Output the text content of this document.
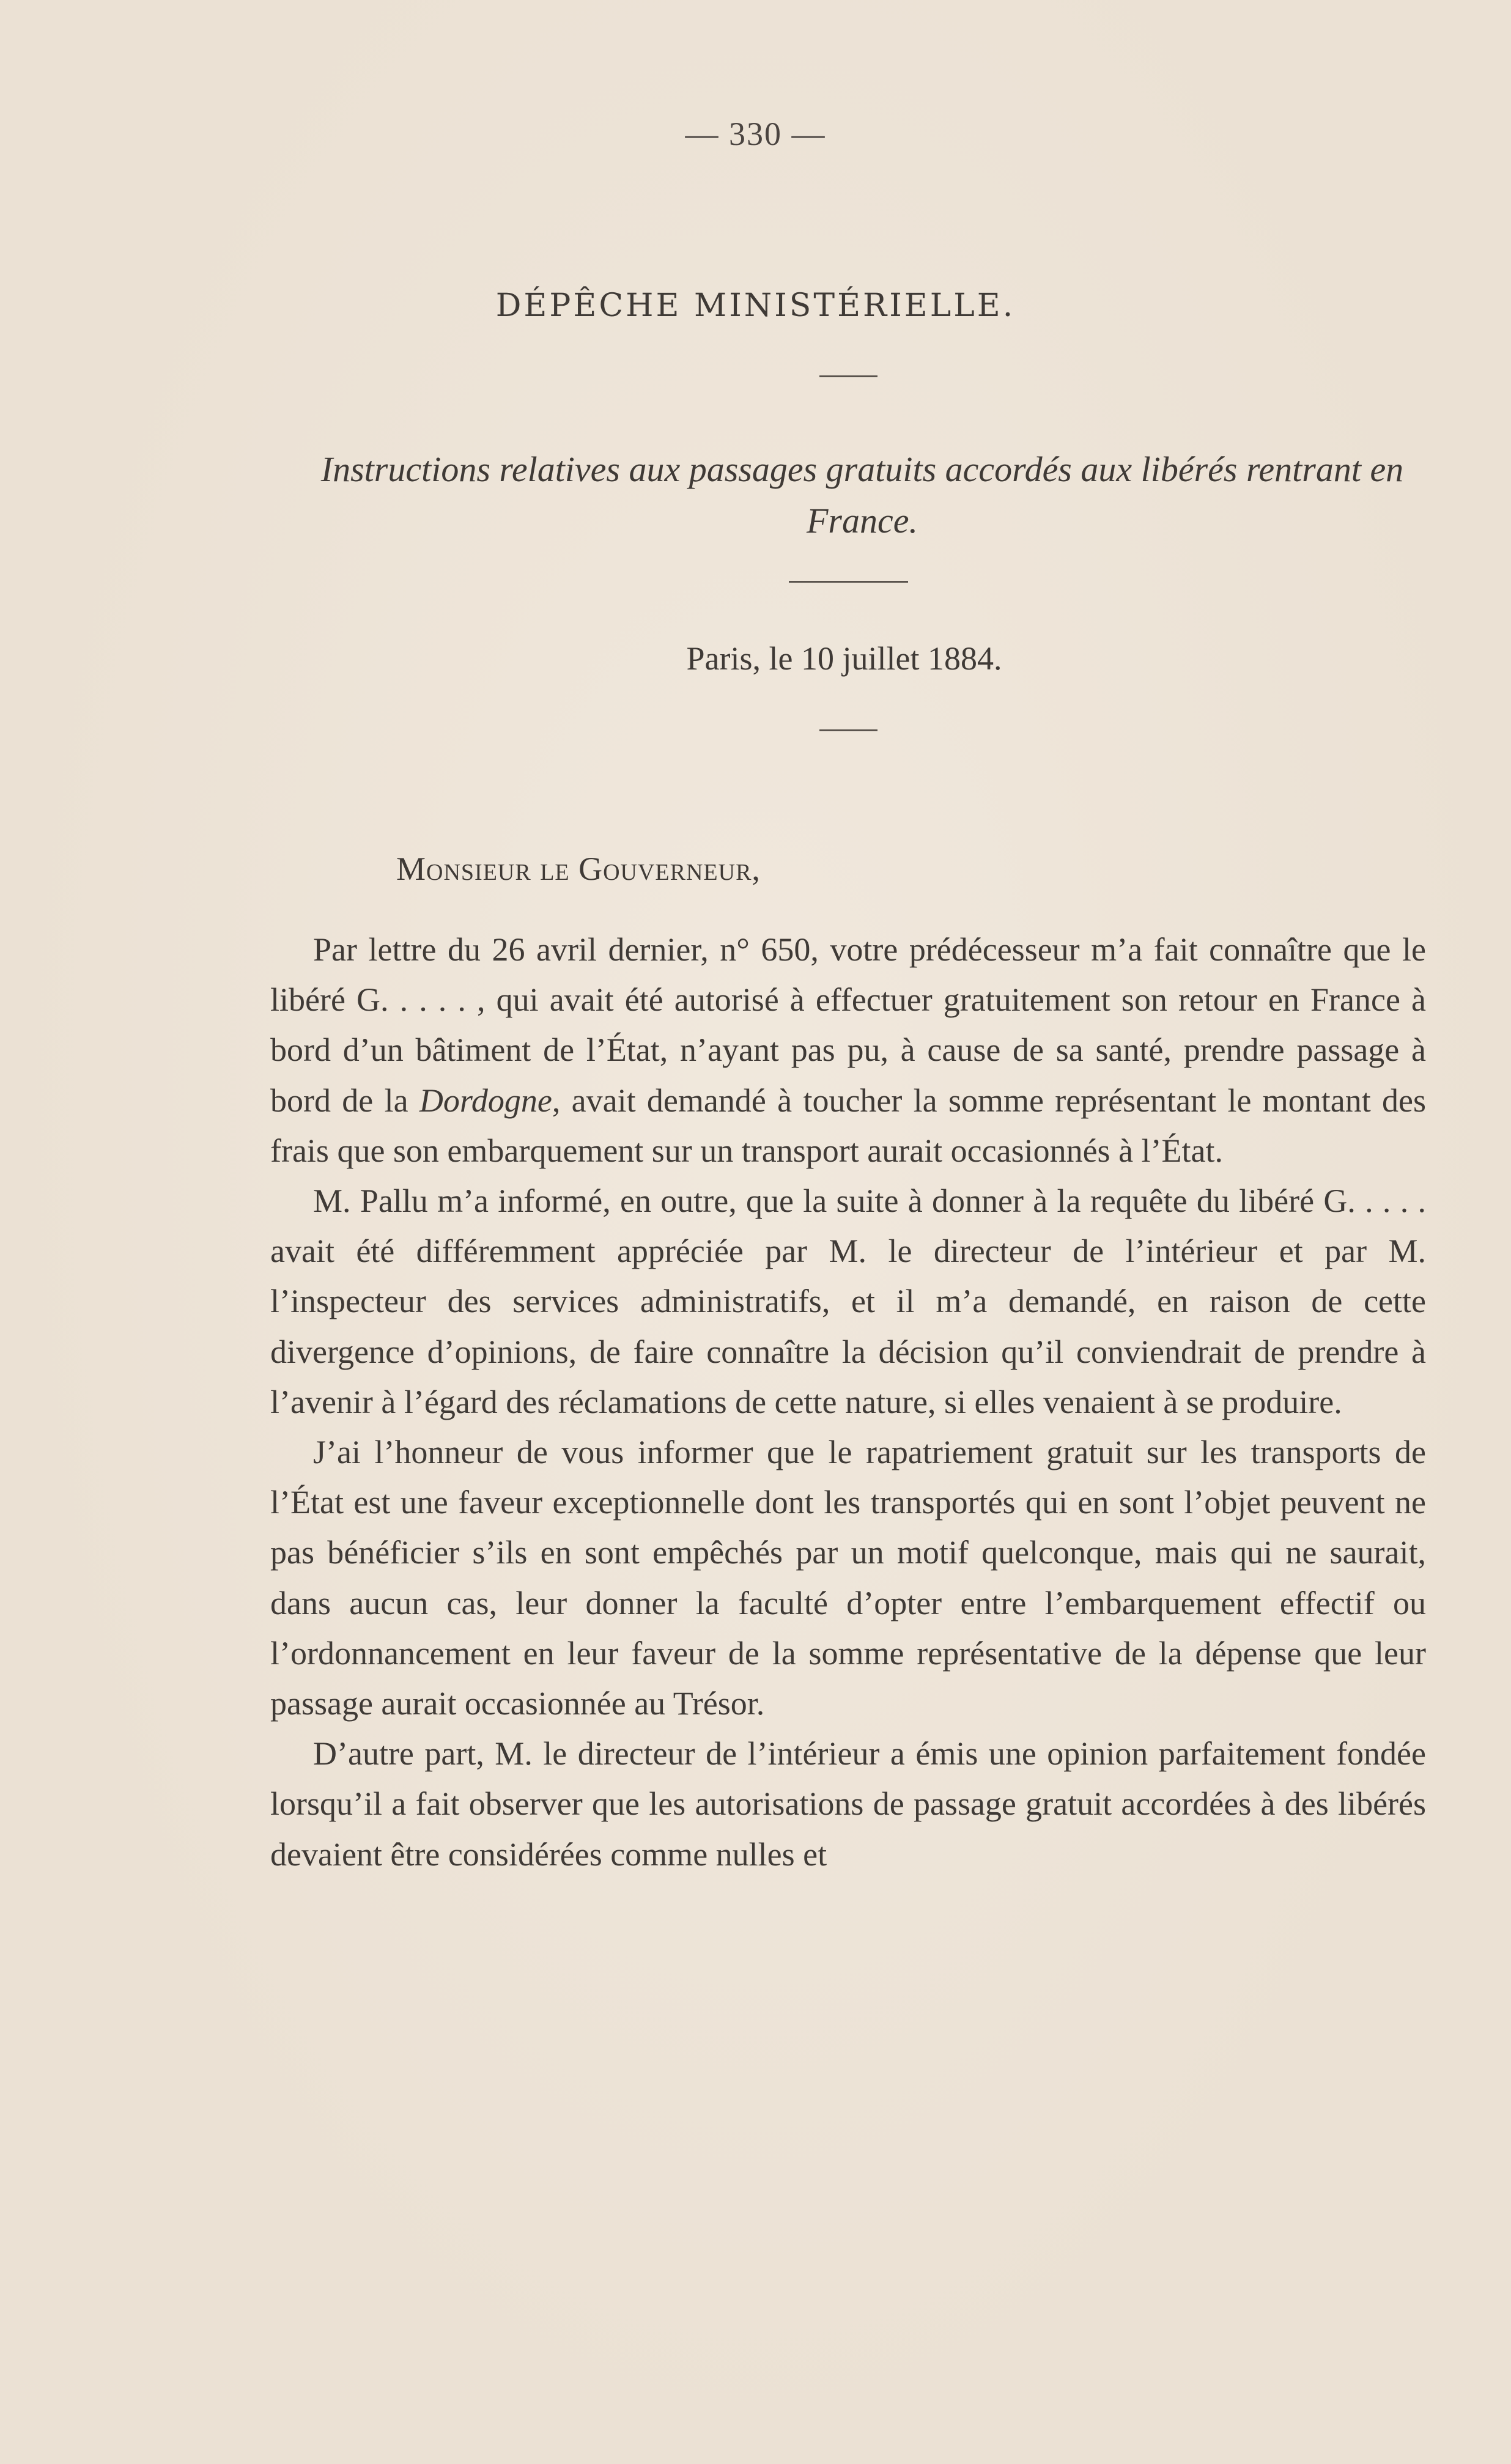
— 330 —
DÉPÊCHE MINISTÉRIELLE.
Instructions relatives aux passages gratuits accordés aux libérés rentrant en France.
Paris, le 10 juillet 1884.
Monsieur le Gouverneur,

Par lettre du 26 avril dernier, n° 650, votre prédécesseur m’a fait connaître que le libéré G. . . . . , qui avait été autorisé à effectuer gratuitement son retour en France à bord d’un bâtiment de l’État, n’ayant pas pu, à cause de sa santé, prendre passage à bord de la Dordogne, avait demandé à toucher la somme représentant le montant des frais que son embarquement sur un transport aurait occasionnés à l’État.

M. Pallu m’a informé, en outre, que la suite à donner à la requête du libéré G. . . . . avait été différemment appréciée par M. le directeur de l’intérieur et par M. l’inspecteur des services administratifs, et il m’a demandé, en raison de cette divergence d’opinions, de faire connaître la décision qu’il conviendrait de prendre à l’avenir à l’égard des réclamations de cette nature, si elles venaient à se produire.

J’ai l’honneur de vous informer que le rapatriement gratuit sur les transports de l’État est une faveur exceptionnelle dont les transportés qui en sont l’objet peuvent ne pas bénéficier s’ils en sont empêchés par un motif quelconque, mais qui ne saurait, dans aucun cas, leur donner la faculté d’opter entre l’embarquement effectif ou l’ordonnancement en leur faveur de la somme représentative de la dépense que leur passage aurait occasionnée au Trésor.

D’autre part, M. le directeur de l’intérieur a émis une opinion parfaitement fondée lorsqu’il a fait observer que les autorisations de passage gratuit accordées à des libérés devaient être considérées comme nulles et
